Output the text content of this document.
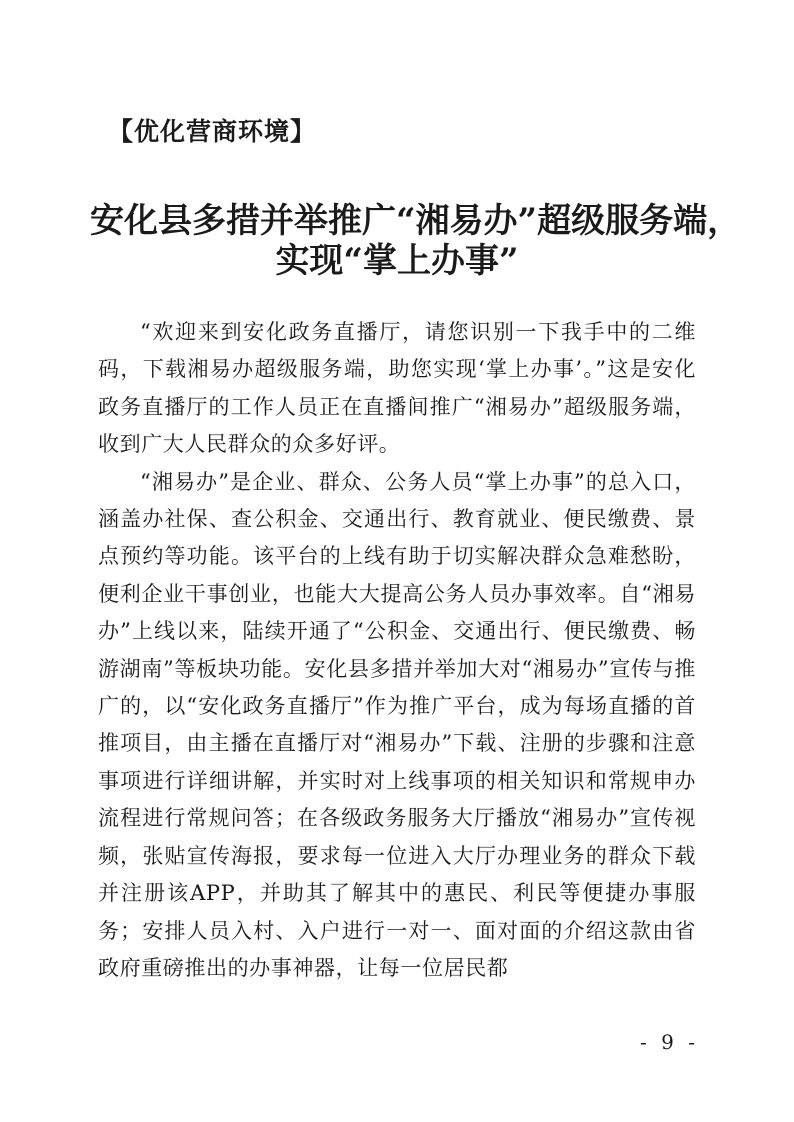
【优化营商环境】
安化县多措并举推广“湘易办”超级服务端，
实现“掌上办事”

“欢迎来到安化政务直播厅，请您识别一下我手中的二维码，下载湘易办超级服务端，助您实现‘掌上办事’。”这是安化政务直播厅的工作人员正在直播间推广“湘易办”超级服务端，收到广大人民群众的众多好评。

“湘易办”是企业、群众、公务人员“掌上办事”的总入口，涵盖办社保、查公积金、交通出行、教育就业、便民缴费、景点预约等功能。该平台的上线有助于切实解决群众急难愁盼，便利企业干事创业，也能大大提高公务人员办事效率。自“湘易办”上线以来，陆续开通了“公积金、交通出行、便民缴费、畅游湖南”等板块功能。安化县多措并举加大对“湘易办”宣传与推广的，以“安化政务直播厅”作为推广平台，成为每场直播的首推项目，由主播在直播厅对“湘易办”下载、注册的步骤和注意事项进行详细讲解，并实时对上线事项的相关知识和常规申办流程进行常规问答；在各级政务服务大厅播放“湘易办”宣传视频，张贴宣传海报，要求每一位进入大厅办理业务的群众下载并注册该APP，并助其了解其中的惠民、利民等便捷办事服务；安排人员入村、入户进行一对一、面对面的介绍这款由省政府重磅推出的办事神器，让每一位居民都

- 9 -
